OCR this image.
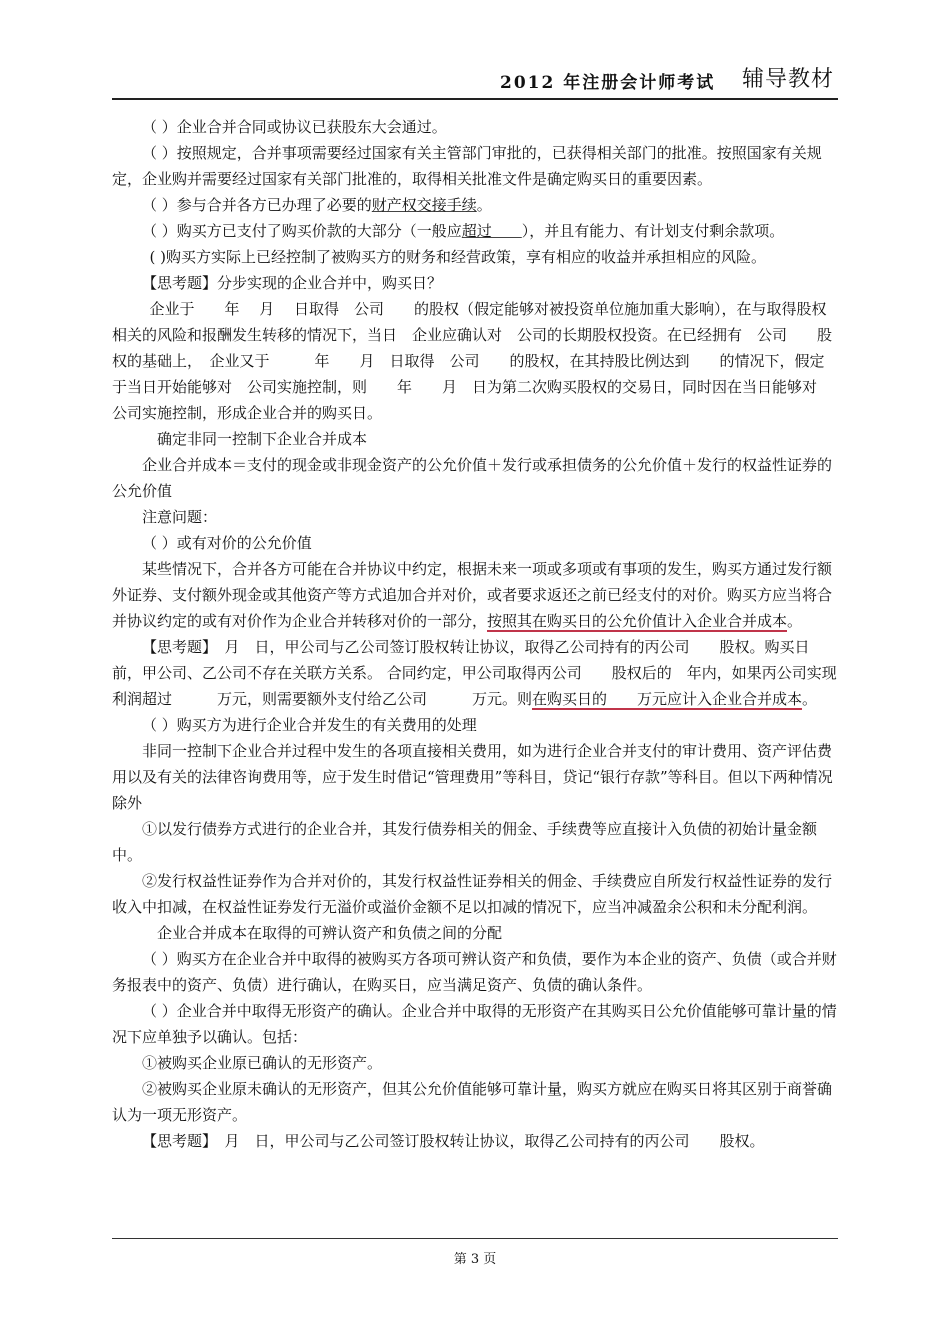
2012 年注册会计师考试 辅导教材

（ ）企业合并合同或协议已获股东大会通过。

（ ）按照规定，合并事项需要经过国家有关主管部门审批的，已获得相关部门的批准。按照国家有关规定，企业购并需要经过国家有关部门批准的，取得相关批准文件是确定购买日的重要因素。

（ ）参与合并各方已办理了必要的财产权交接手续。

（ ）购买方已支付了购买价款的大部分（一般应超过　　），并且有能力、有计划支付剩余款项。

( )购买方实际上已经控制了被购买方的财务和经营政策，享有相应的收益并承担相应的风险。

【思考题】分步实现的企业合并中，购买日？

企业于　　年　 月　 日取得　公司　　的股权（假定能够对被投资单位施加重大影响），在与取得股权相关的风险和报酬发生转移的情况下，当日　企业应确认对　公司的长期股权投资。在已经拥有　公司　　股权的基础上，　企业又于　　　年　　月　日取得　公司　　的股权，在其持股比例达到　　的情况下，假定于当日开始能够对　公司实施控制，则　　年　　月　日为第二次购买股权的交易日，同时因在当日能够对　公司实施控制，形成企业合并的购买日。

确定非同一控制下企业合并成本

企业合并成本＝支付的现金或非现金资产的公允价值＋发行或承担债务的公允价值＋发行的权益性证券的公允价值

注意问题：

（ ）或有对价的公允价值

某些情况下，合并各方可能在合并协议中约定，根据未来一项或多项或有事项的发生，购买方通过发行额外证券、支付额外现金或其他资产等方式追加合并对价，或者要求返还之前已经支付的对价。购买方应当将合并协议约定的或有对价作为企业合并转移对价的一部分，按照其在购买日的公允价值计入企业合并成本。

【思考题】　月　日，甲公司与乙公司签订股权转让协议，取得乙公司持有的丙公司　　股权。购买日前，甲公司、乙公司不存在关联方关系。 合同约定，甲公司取得丙公司　　股权后的　年内，如果丙公司实现利润超过　　　万元，则需要额外支付给乙公司　　　万元。则在购买日的　　万元应计入企业合并成本。

（ ）购买方为进行企业合并发生的有关费用的处理

非同一控制下企业合并过程中发生的各项直接相关费用，如为进行企业合并支付的审计费用、资产评估费用以及有关的法律咨询费用等，应于发生时借记“管理费用”等科目，贷记“银行存款”等科目。但以下两种情况除外

①以发行债券方式进行的企业合并，其发行债券相关的佣金、手续费等应直接计入负债的初始计量金额中。

②发行权益性证券作为合并对价的，其发行权益性证券相关的佣金、手续费应自所发行权益性证券的发行收入中扣减，在权益性证券发行无溢价或溢价金额不足以扣减的情况下，应当冲减盈余公积和未分配利润。

企业合并成本在取得的可辨认资产和负债之间的分配

（ ）购买方在企业合并中取得的被购买方各项可辨认资产和负债，要作为本企业的资产、负债（或合并财务报表中的资产、负债）进行确认，在购买日，应当满足资产、负债的确认条件。

（ ）企业合并中取得无形资产的确认。企业合并中取得的无形资产在其购买日公允价值能够可靠计量的情况下应单独予以确认。包括：

①被购买企业原已确认的无形资产。

②被购买企业原未确认的无形资产，但其公允价值能够可靠计量，购买方就应在购买日将其区别于商誉确认为一项无形资产。

【思考题】　月　日，甲公司与乙公司签订股权转让协议，取得乙公司持有的丙公司　　股权。

第 3 页
